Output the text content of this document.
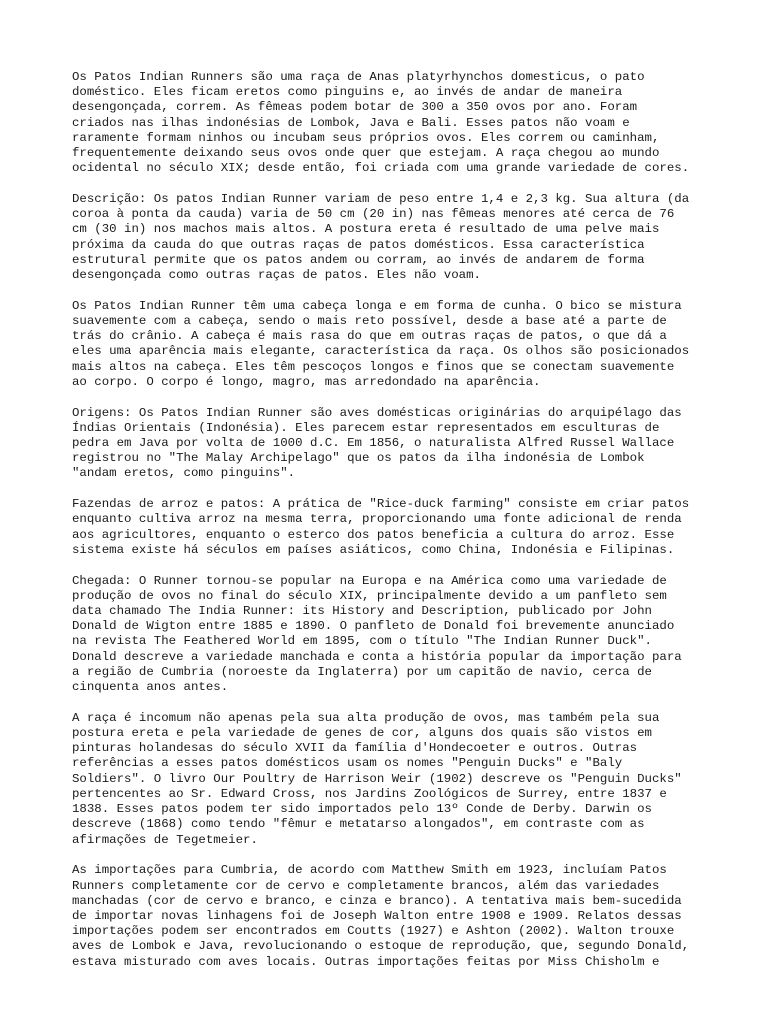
Os Patos Indian Runners são uma raça de Anas platyrhynchos domesticus, o pato
doméstico. Eles ficam eretos como pinguins e, ao invés de andar de maneira
desengonçada, correm. As fêmeas podem botar de 300 a 350 ovos por ano. Foram
criados nas ilhas indonésias de Lombok, Java e Bali. Esses patos não voam e
raramente formam ninhos ou incubam seus próprios ovos. Eles correm ou caminham,
frequentemente deixando seus ovos onde quer que estejam. A raça chegou ao mundo
ocidental no século XIX; desde então, foi criada com uma grande variedade de cores.

Descrição: Os patos Indian Runner variam de peso entre 1,4 e 2,3 kg. Sua altura (da
coroa à ponta da cauda) varia de 50 cm (20 in) nas fêmeas menores até cerca de 76
cm (30 in) nos machos mais altos. A postura ereta é resultado de uma pelve mais
próxima da cauda do que outras raças de patos domésticos. Essa característica
estrutural permite que os patos andem ou corram, ao invés de andarem de forma
desengonçada como outras raças de patos. Eles não voam.

Os Patos Indian Runner têm uma cabeça longa e em forma de cunha. O bico se mistura
suavemente com a cabeça, sendo o mais reto possível, desde a base até a parte de
trás do crânio. A cabeça é mais rasa do que em outras raças de patos, o que dá a
eles uma aparência mais elegante, característica da raça. Os olhos são posicionados
mais altos na cabeça. Eles têm pescoços longos e finos que se conectam suavemente
ao corpo. O corpo é longo, magro, mas arredondado na aparência.

Origens: Os Patos Indian Runner são aves domésticas originárias do arquipélago das
Índias Orientais (Indonésia). Eles parecem estar representados em esculturas de
pedra em Java por volta de 1000 d.C. Em 1856, o naturalista Alfred Russel Wallace
registrou no "The Malay Archipelago" que os patos da ilha indonésia de Lombok
"andam eretos, como pinguins".

Fazendas de arroz e patos: A prática de "Rice-duck farming" consiste em criar patos
enquanto cultiva arroz na mesma terra, proporcionando uma fonte adicional de renda
aos agricultores, enquanto o esterco dos patos beneficia a cultura do arroz. Esse
sistema existe há séculos em países asiáticos, como China, Indonésia e Filipinas.

Chegada: O Runner tornou-se popular na Europa e na América como uma variedade de
produção de ovos no final do século XIX, principalmente devido a um panfleto sem
data chamado The India Runner: its History and Description, publicado por John
Donald de Wigton entre 1885 e 1890. O panfleto de Donald foi brevemente anunciado
na revista The Feathered World em 1895, com o título "The Indian Runner Duck".
Donald descreve a variedade manchada e conta a história popular da importação para
a região de Cumbria (noroeste da Inglaterra) por um capitão de navio, cerca de
cinquenta anos antes.

A raça é incomum não apenas pela sua alta produção de ovos, mas também pela sua
postura ereta e pela variedade de genes de cor, alguns dos quais são vistos em
pinturas holandesas do século XVII da família d'Hondecoeter e outros. Outras
referências a esses patos domésticos usam os nomes "Penguin Ducks" e "Baly
Soldiers". O livro Our Poultry de Harrison Weir (1902) descreve os "Penguin Ducks"
pertencentes ao Sr. Edward Cross, nos Jardins Zoológicos de Surrey, entre 1837 e
1838. Esses patos podem ter sido importados pelo 13º Conde de Derby. Darwin os
descreve (1868) como tendo "fêmur e metatarso alongados", em contraste com as
afirmações de Tegetmeier.

As importações para Cumbria, de acordo com Matthew Smith em 1923, incluíam Patos
Runners completamente cor de cervo e completamente brancos, além das variedades
manchadas (cor de cervo e branco, e cinza e branco). A tentativa mais bem-sucedida
de importar novas linhagens foi de Joseph Walton entre 1908 e 1909. Relatos dessas
importações podem ser encontrados em Coutts (1927) e Ashton (2002). Walton trouxe
aves de Lombok e Java, revolucionando o estoque de reprodução, que, segundo Donald,
estava misturado com aves locais. Outras importações feitas por Miss Chisholm e
